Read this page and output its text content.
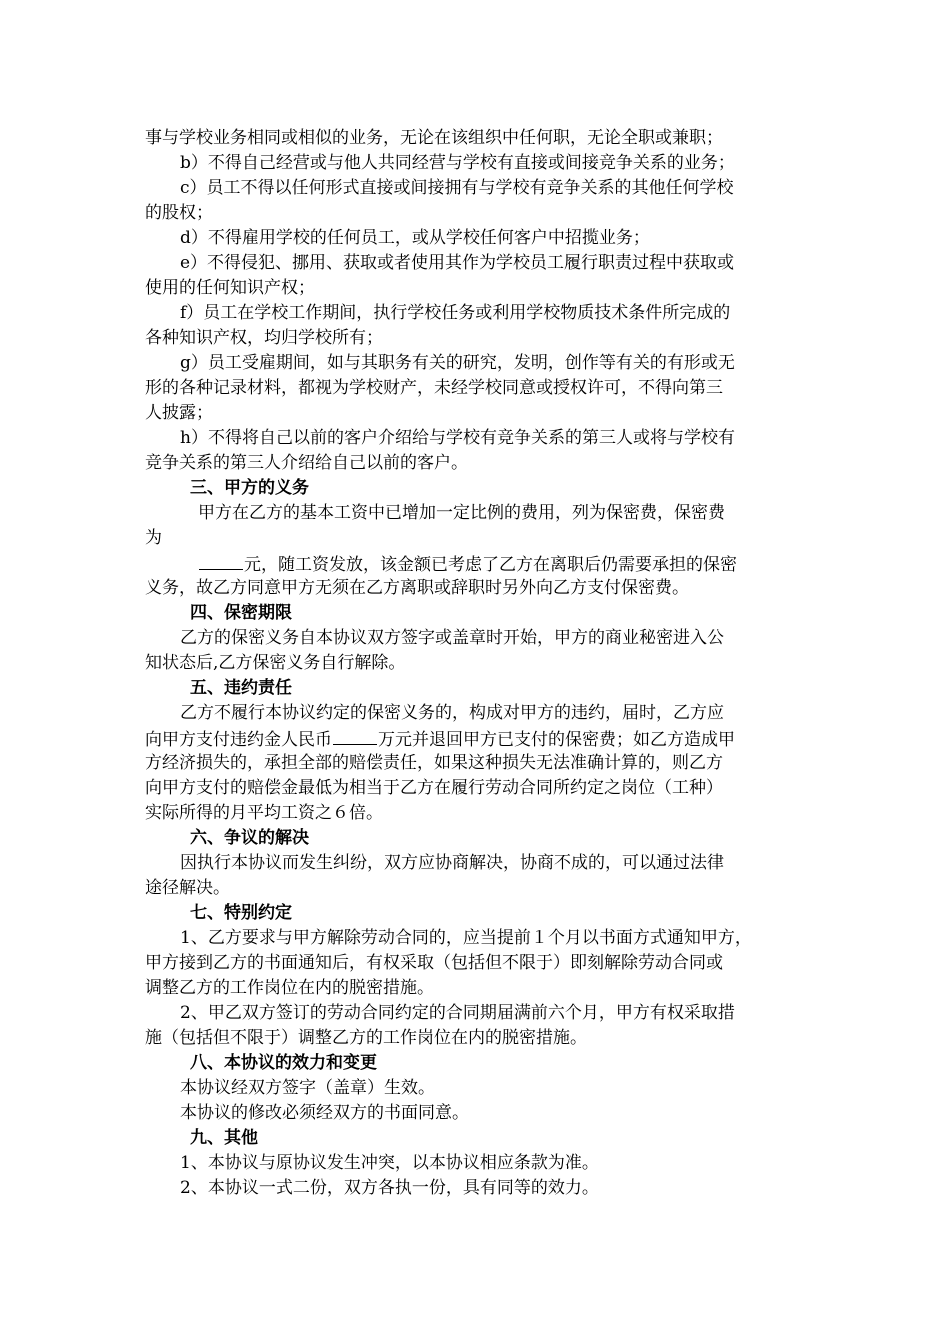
事与学校业务相同或相似的业务，无论在该组织中任何职，无论全职或兼职；
b）不得自己经营或与他人共同经营与学校有直接或间接竞争关系的业务；
c）员工不得以任何形式直接或间接拥有与学校有竞争关系的其他任何学校
的股权；
d）不得雇用学校的任何员工，或从学校任何客户中招揽业务；
e）不得侵犯、挪用、获取或者使用其作为学校员工履行职责过程中获取或
使用的任何知识产权；
f）员工在学校工作期间，执行学校任务或利用学校物质技术条件所完成的
各种知识产权，均归学校所有；
g）员工受雇期间，如与其职务有关的研究，发明，创作等有关的有形或无
形的各种记录材料，都视为学校财产，未经学校同意或授权许可，不得向第三
人披露；
h）不得将自己以前的客户介绍给与学校有竞争关系的第三人或将与学校有
竞争关系的第三人介绍给自己以前的客户。
三、甲方的义务
甲方在乙方的基本工资中已增加一定比例的费用，列为保密费，保密费
为
元，随工资发放，该金额已考虑了乙方在离职后仍需要承担的保密
义务，故乙方同意甲方无须在乙方离职或辞职时另外向乙方支付保密费。
四、保密期限
乙方的保密义务自本协议双方签字或盖章时开始，甲方的商业秘密进入公
知状态后,乙方保密义务自行解除。
五、违约责任
乙方不履行本协议约定的保密义务的，构成对甲方的违约，届时，乙方应
向甲方支付违约金人民币	万元并退回甲方已支付的保密费；如乙方造成甲
方经济损失的，承担全部的赔偿责任，如果这种损失无法准确计算的，则乙方
向甲方支付的赔偿金最低为相当于乙方在履行劳动合同所约定之岗位（工种）
实际所得的月平均工资之６倍。
六、争议的解决
因执行本协议而发生纠纷，双方应协商解决，协商不成的，可以通过法律
途径解决。
七、特别约定
1、乙方要求与甲方解除劳动合同的，应当提前１个月以书面方式通知甲方，
甲方接到乙方的书面通知后，有权采取（包括但不限于）即刻解除劳动合同或
调整乙方的工作岗位在内的脱密措施。
2、甲乙双方签订的劳动合同约定的合同期届满前六个月，甲方有权采取措
施（包括但不限于）调整乙方的工作岗位在内的脱密措施。
八、本协议的效力和变更
本协议经双方签字（盖章）生效。
本协议的修改必须经双方的书面同意。
九、其他
1、本协议与原协议发生冲突，以本协议相应条款为准。
2、本协议一式二份，双方各执一份，具有同等的效力。
